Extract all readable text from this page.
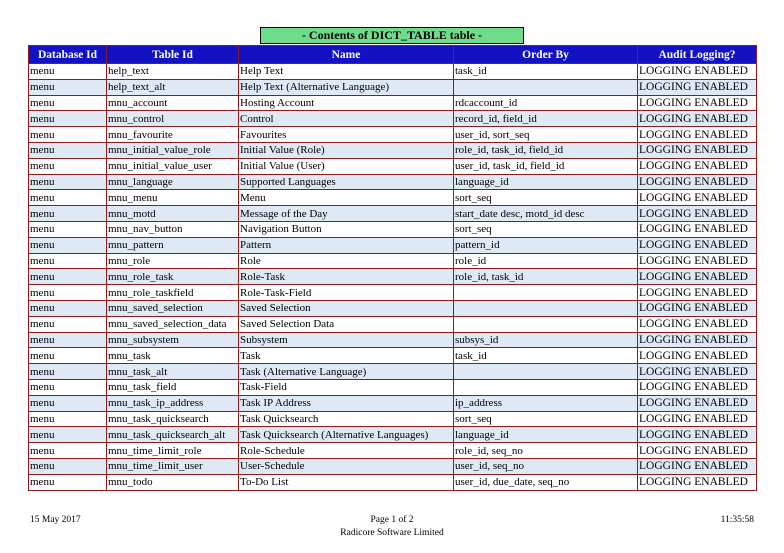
- Contents of DICT_TABLE table -
Database Id	Table Id	Name	Order By	Audit Logging?
menu	help_text	Help Text	task_id	LOGGING ENABLED
menu	help_text_alt	Help Text (Alternative Language)		LOGGING ENABLED
menu	mnu_account	Hosting Account	rdcaccount_id	LOGGING ENABLED
menu	mnu_control	Control	record_id, field_id	LOGGING ENABLED
menu	mnu_favourite	Favourites	user_id, sort_seq	LOGGING ENABLED
menu	mnu_initial_value_role	Initial Value (Role)	role_id, task_id, field_id	LOGGING ENABLED
menu	mnu_initial_value_user	Initial Value (User)	user_id, task_id, field_id	LOGGING ENABLED
menu	mnu_language	Supported Languages	language_id	LOGGING ENABLED
menu	mnu_menu	Menu	sort_seq	LOGGING ENABLED
menu	mnu_motd	Message of the Day	start_date desc, motd_id desc	LOGGING ENABLED
menu	mnu_nav_button	Navigation Button	sort_seq	LOGGING ENABLED
menu	mnu_pattern	Pattern	pattern_id	LOGGING ENABLED
menu	mnu_role	Role	role_id	LOGGING ENABLED
menu	mnu_role_task	Role-Task	role_id, task_id	LOGGING ENABLED
menu	mnu_role_taskfield	Role-Task-Field		LOGGING ENABLED
menu	mnu_saved_selection	Saved Selection		LOGGING ENABLED
menu	mnu_saved_selection_data	Saved Selection Data		LOGGING ENABLED
menu	mnu_subsystem	Subsystem	subsys_id	LOGGING ENABLED
menu	mnu_task	Task	task_id	LOGGING ENABLED
menu	mnu_task_alt	Task (Alternative Language)		LOGGING ENABLED
menu	mnu_task_field	Task-Field		LOGGING ENABLED
menu	mnu_task_ip_address	Task IP Address	ip_address	LOGGING ENABLED
menu	mnu_task_quicksearch	Task Quicksearch	sort_seq	LOGGING ENABLED
menu	mnu_task_quicksearch_alt	Task Quicksearch (Alternative Languages)	language_id	LOGGING ENABLED
menu	mnu_time_limit_role	Role-Schedule	role_id, seq_no	LOGGING ENABLED
menu	mnu_time_limit_user	User-Schedule	user_id, seq_no	LOGGING ENABLED
menu	mnu_todo	To-Do List	user_id, due_date, seq_no	LOGGING ENABLED
15 May 2017	Page 1 of 2
Radicore Software Limited
11:35:58
